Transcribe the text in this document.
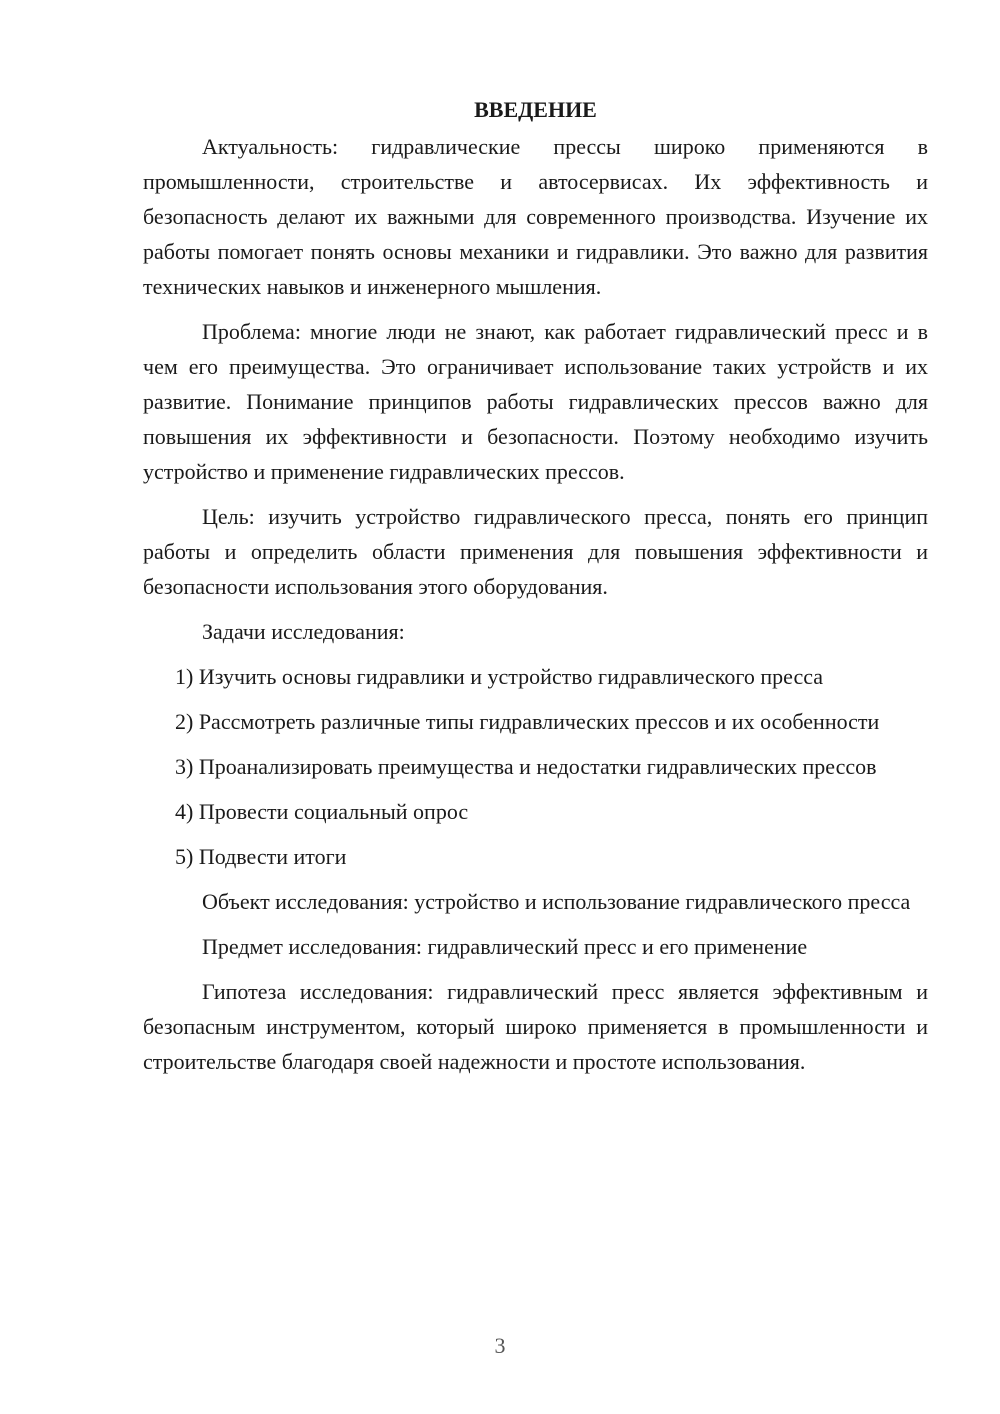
ВВЕДЕНИЕ

Актуальность: гидравлические прессы широко применяются в промышленности, строительстве и автосервисах. Их эффективность и безопасность делают их важными для современного производства. Изучение их работы помогает понять основы механики и гидравлики. Это важно для развития технических навыков и инженерного мышления.

Проблема: многие люди не знают, как работает гидравлический пресс и в чем его преимущества. Это ограничивает использование таких устройств и их развитие. Понимание принципов работы гидравлических прессов важно для повышения их эффективности и безопасности. Поэтому необходимо изучить устройство и применение гидравлических прессов.

Цель: изучить устройство гидравлического пресса, понять его принцип работы и определить области применения для повышения эффективности и безопасности использования этого оборудования.

Задачи исследования:

1) Изучить основы гидравлики и устройство гидравлического пресса

2) Рассмотреть различные типы гидравлических прессов и их особенности

3) Проанализировать преимущества и недостатки гидравлических прессов

4) Провести социальный опрос

5) Подвести итоги

Объект исследования: устройство и использование гидравлического пресса

Предмет исследования: гидравлический пресс и его применение

Гипотеза исследования: гидравлический пресс является эффективным и безопасным инструментом, который широко применяется в промышленности и строительстве благодаря своей надежности и простоте использования.

3
